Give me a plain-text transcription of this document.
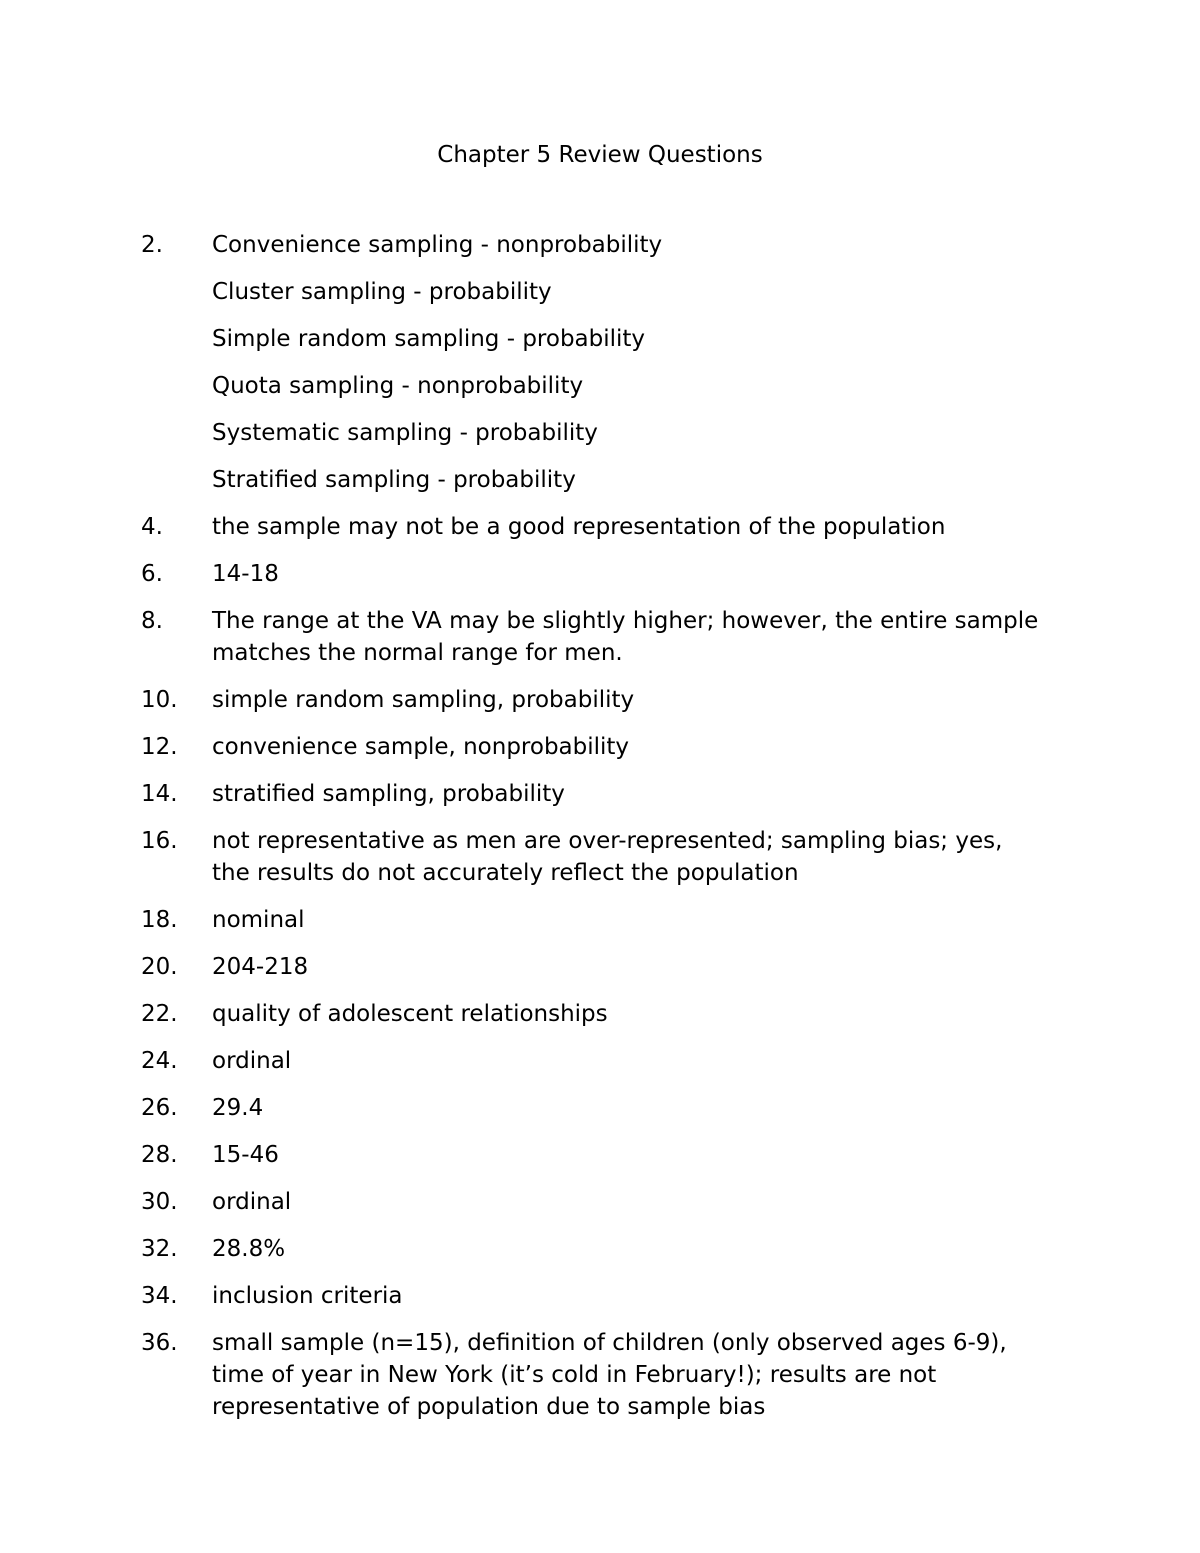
Chapter 5 Review Questions
2.	Convenience sampling - nonprobability
Cluster sampling - probability
Simple random sampling - probability
Quota sampling - nonprobability
Systematic sampling - probability
Stratified sampling - probability
4.	the sample may not be a good representation of the population
6.	14-18
8.	The range at the VA may be slightly higher; however, the entire sample
matches the normal range for men.
10.	simple random sampling, probability
12.	convenience sample, nonprobability
14.	stratified sampling, probability
16.	not representative as men are over-represented; sampling bias; yes,
the results do not accurately reflect the population
18.	nominal
20.	204-218
22.	quality of adolescent relationships
24.	ordinal
26.	29.4
28.	15-46
30.	ordinal
32.	28.8%
34.	inclusion criteria
36.	small sample (n=15), definition of children (only observed ages 6-9),
time of year in New York (it’s cold in February!); results are not
representative of population due to sample bias
